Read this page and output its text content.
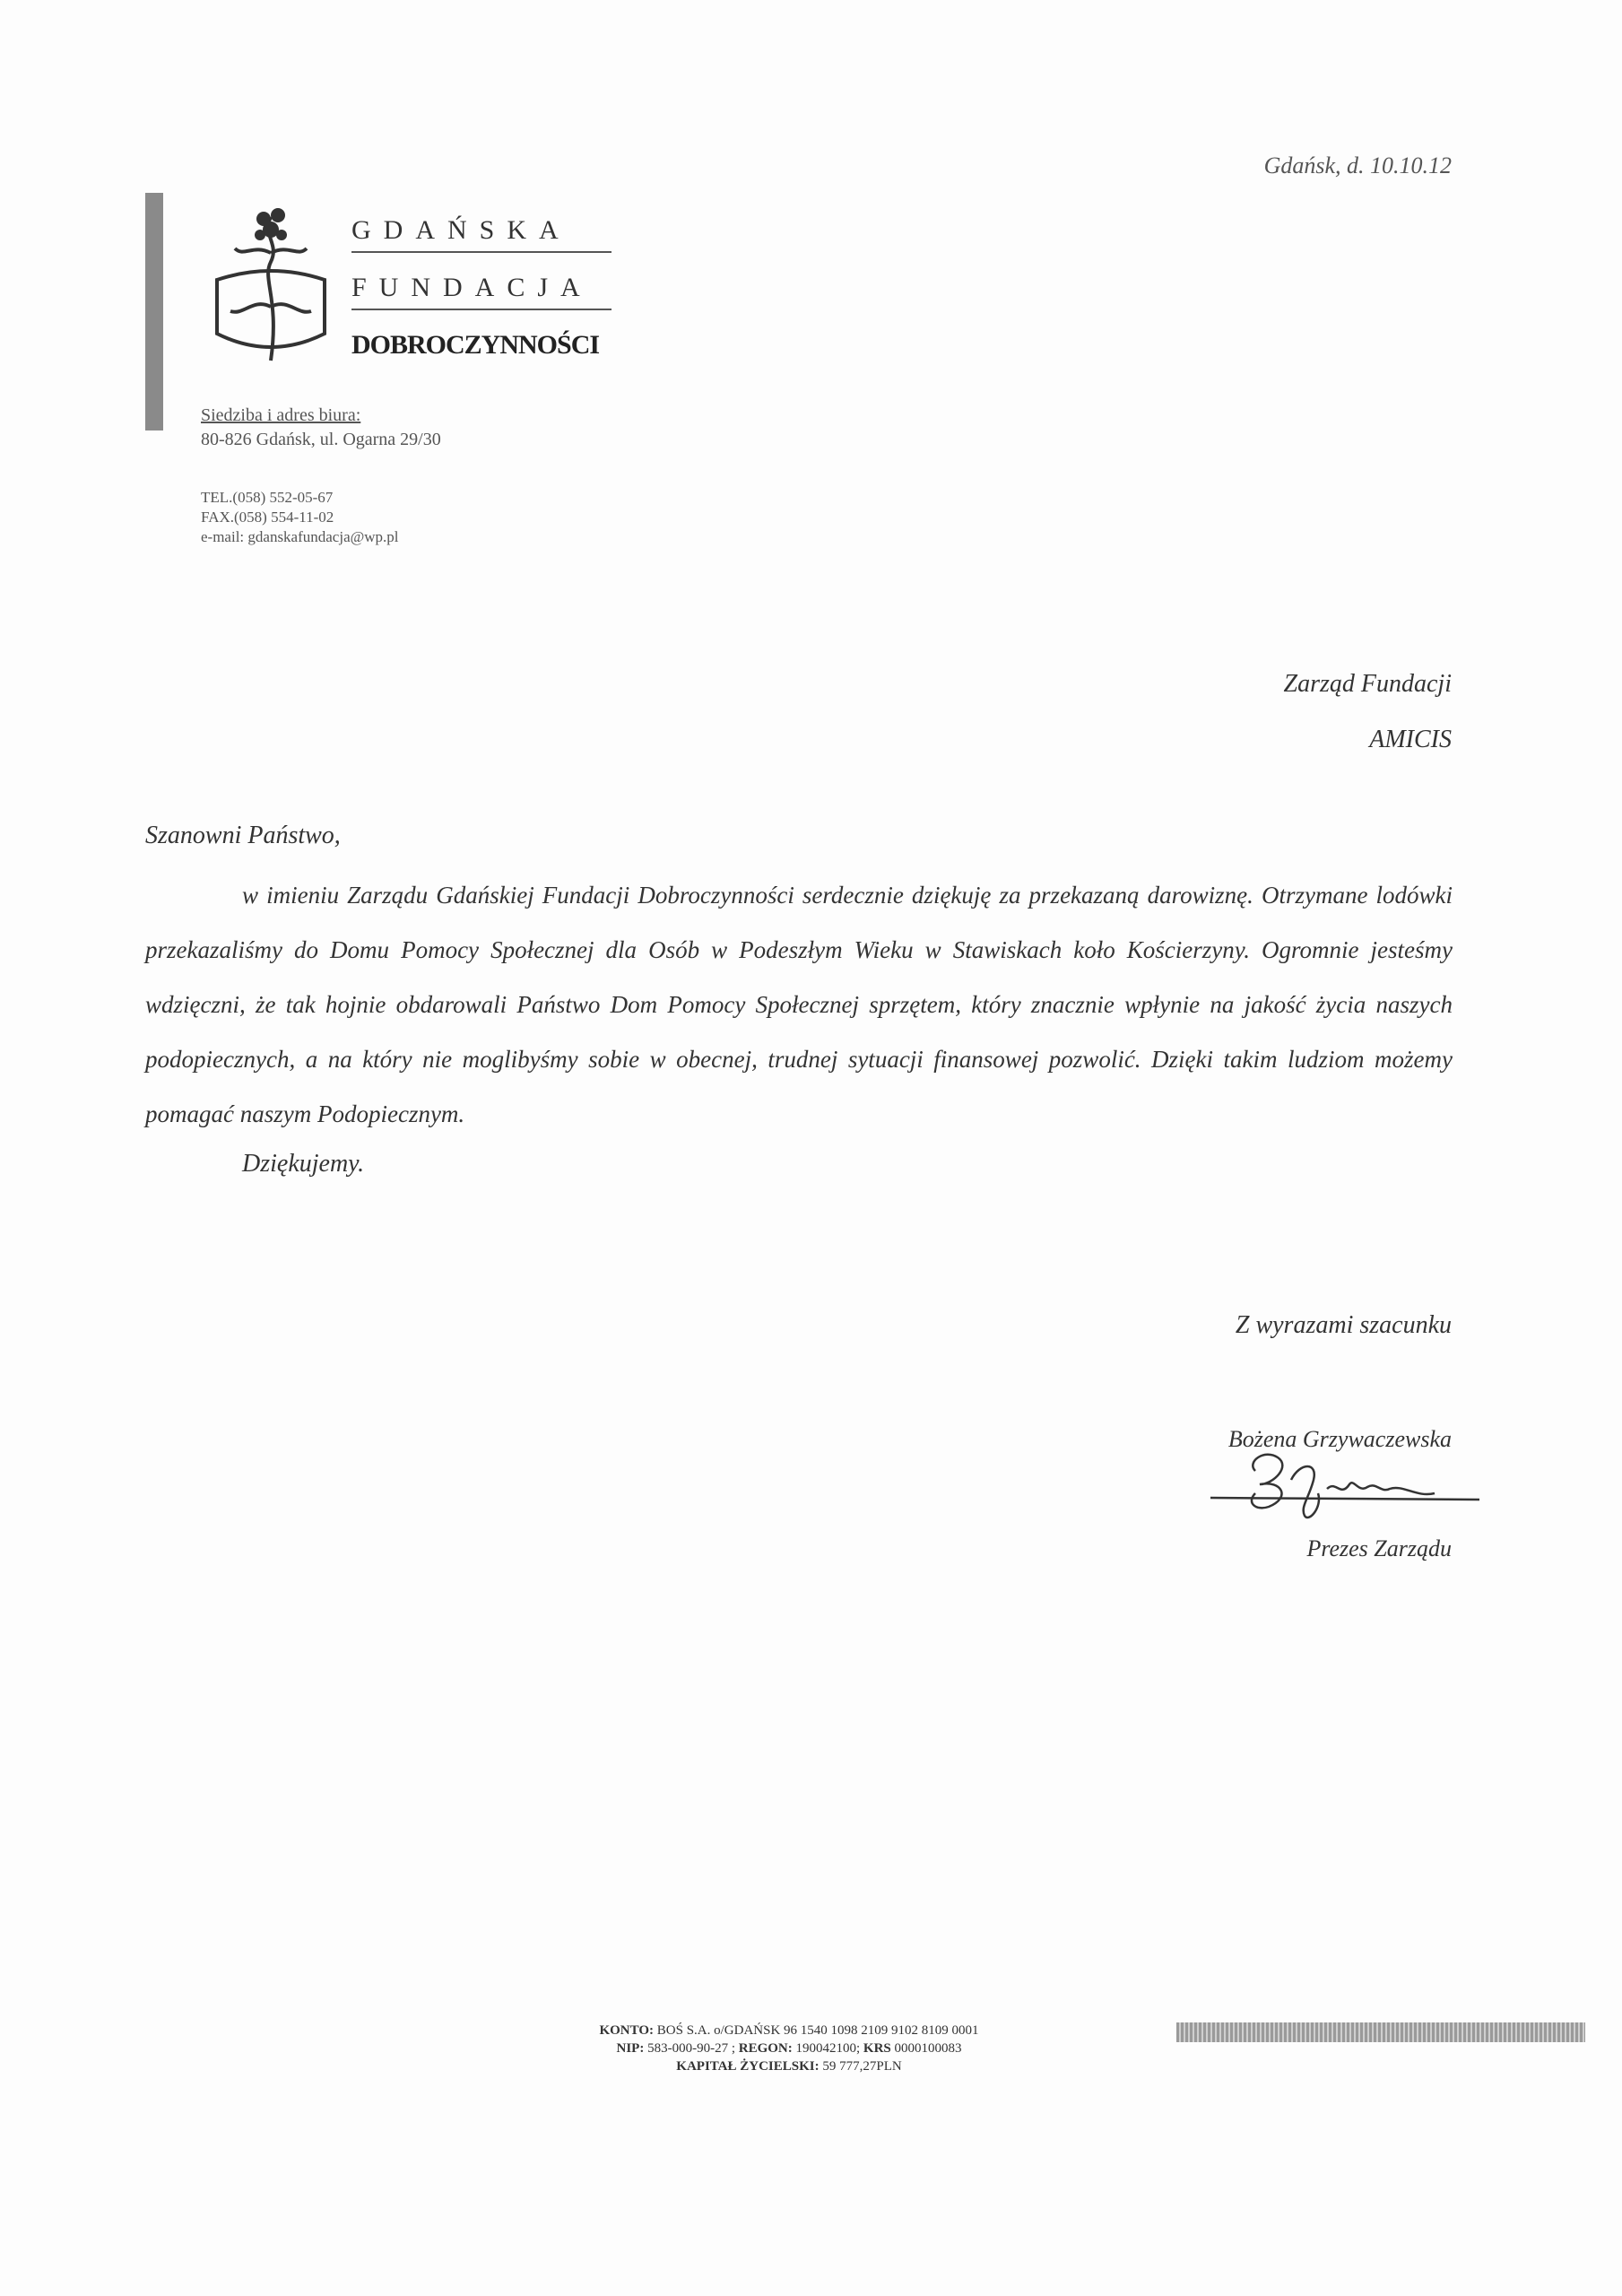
Gdańsk, d. 10.10.12
GDAŃSKA
FUNDACJA
DOBROCZYNNOŚCI
Siedziba i adres biura:
80-826 Gdańsk, ul. Ogarna 29/30
TEL.(058) 552-05-67
FAX.(058) 554-11-02
e-mail: gdanskafundacja@wp.pl
Zarząd Fundacji
AMICIS
Szanowni Państwo,
w imieniu Zarządu Gdańskiej Fundacji Dobroczynności serdecznie dziękuję za przekazaną darowiznę. Otrzymane lodówki przekazaliśmy do Domu Pomocy Społecznej dla Osób w Podeszłym Wieku w Stawiskach koło Kościerzyny. Ogromnie jesteśmy wdzięczni, że tak hojnie obdarowali Państwo Dom Pomocy Społecznej sprzętem, który znacznie wpłynie na jakość życia naszych podopiecznych, a na który nie moglibyśmy sobie w obecnej, trudnej sytuacji finansowej pozwolić. Dzięki takim ludziom możemy pomagać naszym Podopiecznym.
Dziękujemy.
Z wyrazami szacunku
Bożena Grzywaczewska
Prezes Zarządu
KONTO: BOŚ S.A. o/GDAŃSK 96 1540 1098 2109 9102 8109 0001
NIP: 583-000-90-27 ; REGON: 190042100; KRS 0000100083
KAPITAŁ ŻYCIELSKI: 59 777,27PLN
